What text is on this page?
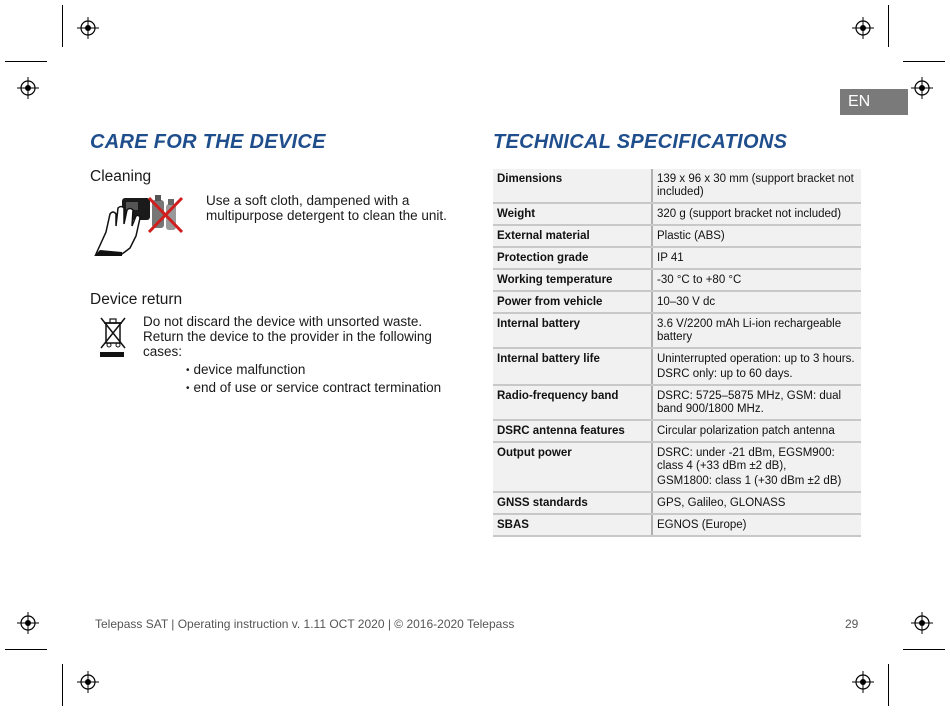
EN
CARE FOR THE DEVICE
Cleaning
Use a soft cloth, dampened with a multipurpose detergent to clean the unit.
Device return
Do not discard the device with unsorted waste. Return the device to the provider in the following cases:
• device malfunction
• end of use or service contract termination
TECHNICAL SPECIFICATIONS
Dimensions	139 x 96 x 30 mm (support bracket not included)

Weight	320 g (support bracket not included)

External material	Plastic (ABS)

Protection grade	IP 41

Working temperature	-30 °C to +80 °C

Power from vehicle	10–30 V dc

Internal battery	3.6 V/2200 mAh Li-ion rechargeable battery

Internal battery life	Uninterrupted operation: up to 3 hours.
DSRC only: up to 60 days.

Radio-frequency band	DSRC: 5725–5875 MHz, GSM: dual band 900/1800 MHz.

DSRC antenna features	Circular polarization patch antenna

Output power	DSRC: under -21 dBm, EGSM900: class 4 (+33 dBm ±2 dB),
GSM1800: class 1 (+30 dBm ±2 dB)

GNSS standards	GPS, Galileo, GLONASS

SBAS	EGNOS (Europe)
Telepass SAT | Operating instruction v. 1.11 OCT 2020 | © 2016-2020 Telepass	29
